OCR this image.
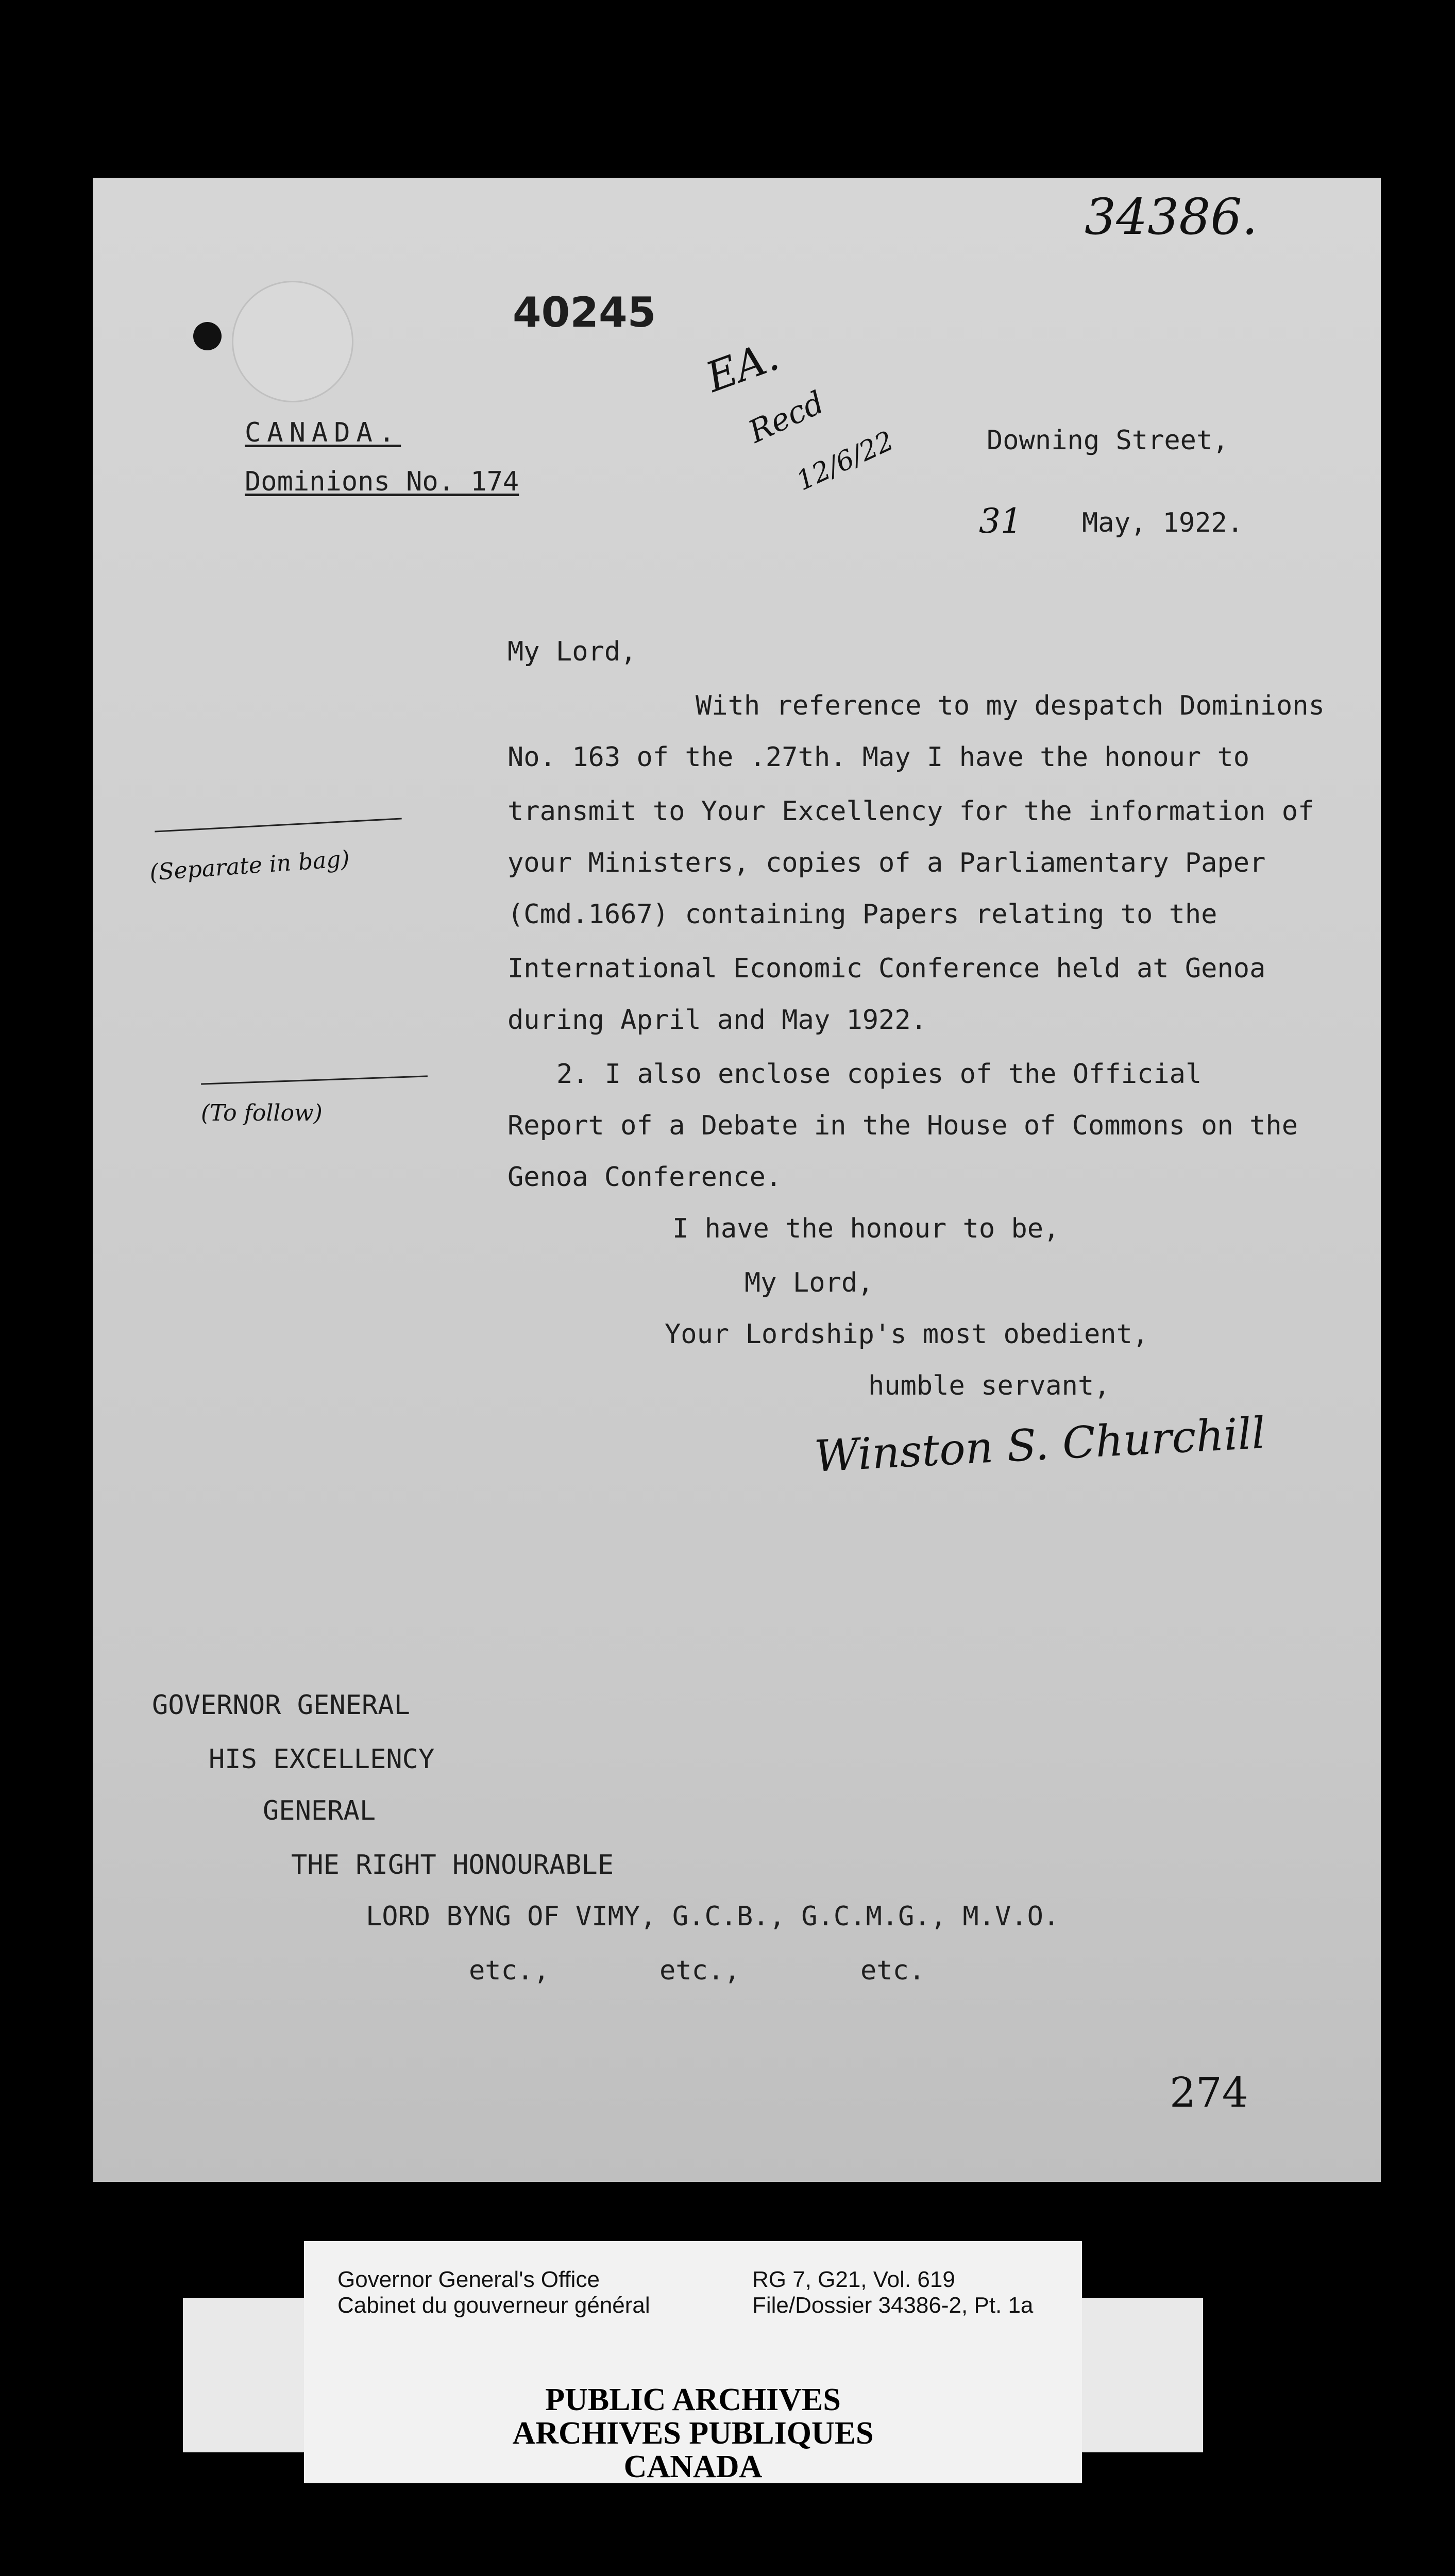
34386.
40245
EA.
Recd
12/6/22
CANADA.
Dominions No. 174
Downing Street,
31 May, 1922.
My Lord,
With reference to my despatch Dominions
No. 163 of the .27th. May I have the honour to
transmit to Your Excellency for the information of
your Ministers, copies of a Parliamentary Paper
(Cmd.1667) containing Papers relating to the
International Economic Conference held at Genoa
during April and May 1922.
2. I also enclose copies of the Official
Report of a Debate in the House of Commons on the
Genoa Conference.
I have the honour to be,
My Lord,
Your Lordship's most obedient,
humble servant,
Winston S. Churchill
(Separate in bag)
(To follow)
GOVERNOR GENERAL
HIS EXCELLENCY
GENERAL
THE RIGHT HONOURABLE
LORD BYNG OF VIMY, G.C.B., G.C.M.G., M.V.O.
etc.,	etc.,	etc.
274
Governor General's Office
Cabinet du gouverneur général
RG 7, G21, Vol. 619
File/Dossier 34386-2, Pt. 1a
PUBLIC ARCHIVES
ARCHIVES PUBLIQUES
CANADA
